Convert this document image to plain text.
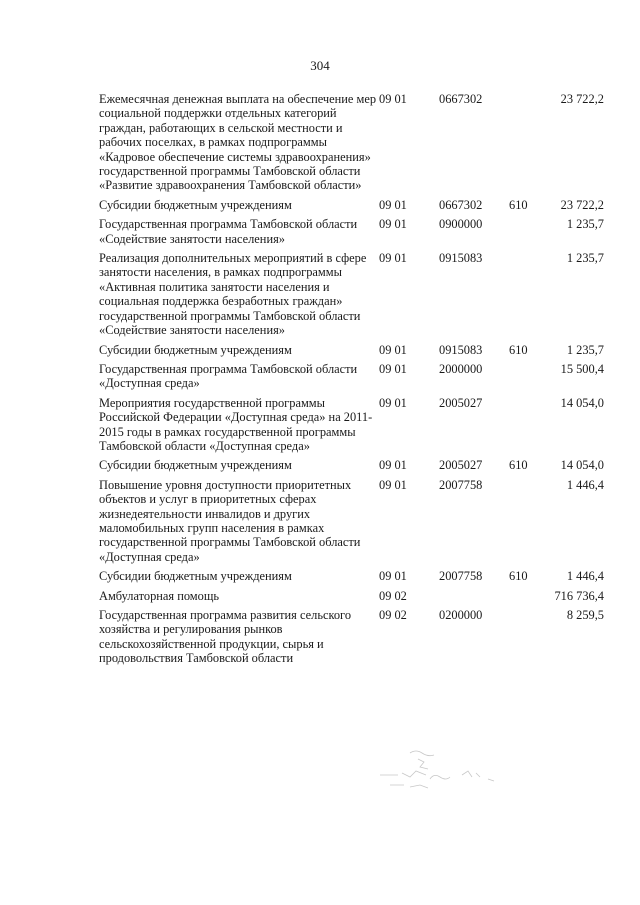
304
Ежемесячная денежная выплата на обеспечение мер социальной поддержки отдельных категорий граждан, работающих в сельской местности и рабочих поселках, в рамках подпрограммы «Кадровое обеспечение системы здравоохранения» государственной программы Тамбовской области «Развитие здравоохранения Тамбовской области»	09 01	0667302		23 722,2
Субсидии бюджетным учреждениям	09 01	0667302	610	23 722,2
Государственная программа Тамбовской области «Содействие занятости населения»	09 01	0900000		1 235,7
Реализация дополнительных мероприятий в сфере занятости населения, в рамках подпрограммы «Активная политика занятости населения и социальная поддержка безработных граждан» государственной программы Тамбовской области «Содействие занятости населения»	09 01	0915083		1 235,7
Субсидии бюджетным учреждениям	09 01	0915083	610	1 235,7
Государственная программа Тамбовской области «Доступная среда»	09 01	2000000		15 500,4
Мероприятия государственной программы Российской Федерации «Доступная среда» на 2011-2015 годы в рамках государственной программы Тамбовской области «Доступная среда»	09 01	2005027		14 054,0
Субсидии бюджетным учреждениям	09 01	2005027	610	14 054,0
Повышение уровня доступности приоритетных объектов и услуг в приоритетных сферах жизнедеятельности инвалидов и других маломобильных групп населения в рамках государственной программы Тамбовской области «Доступная среда»	09 01	2007758		1 446,4
Субсидии бюджетным учреждениям	09 01	2007758	610	1 446,4
Амбулаторная помощь	09 02			716 736,4
Государственная программа развития сельского хозяйства и регулирования рынков сельскохозяйственной продукции, сырья и продовольствия Тамбовской области	09 02	0200000		8 259,5
